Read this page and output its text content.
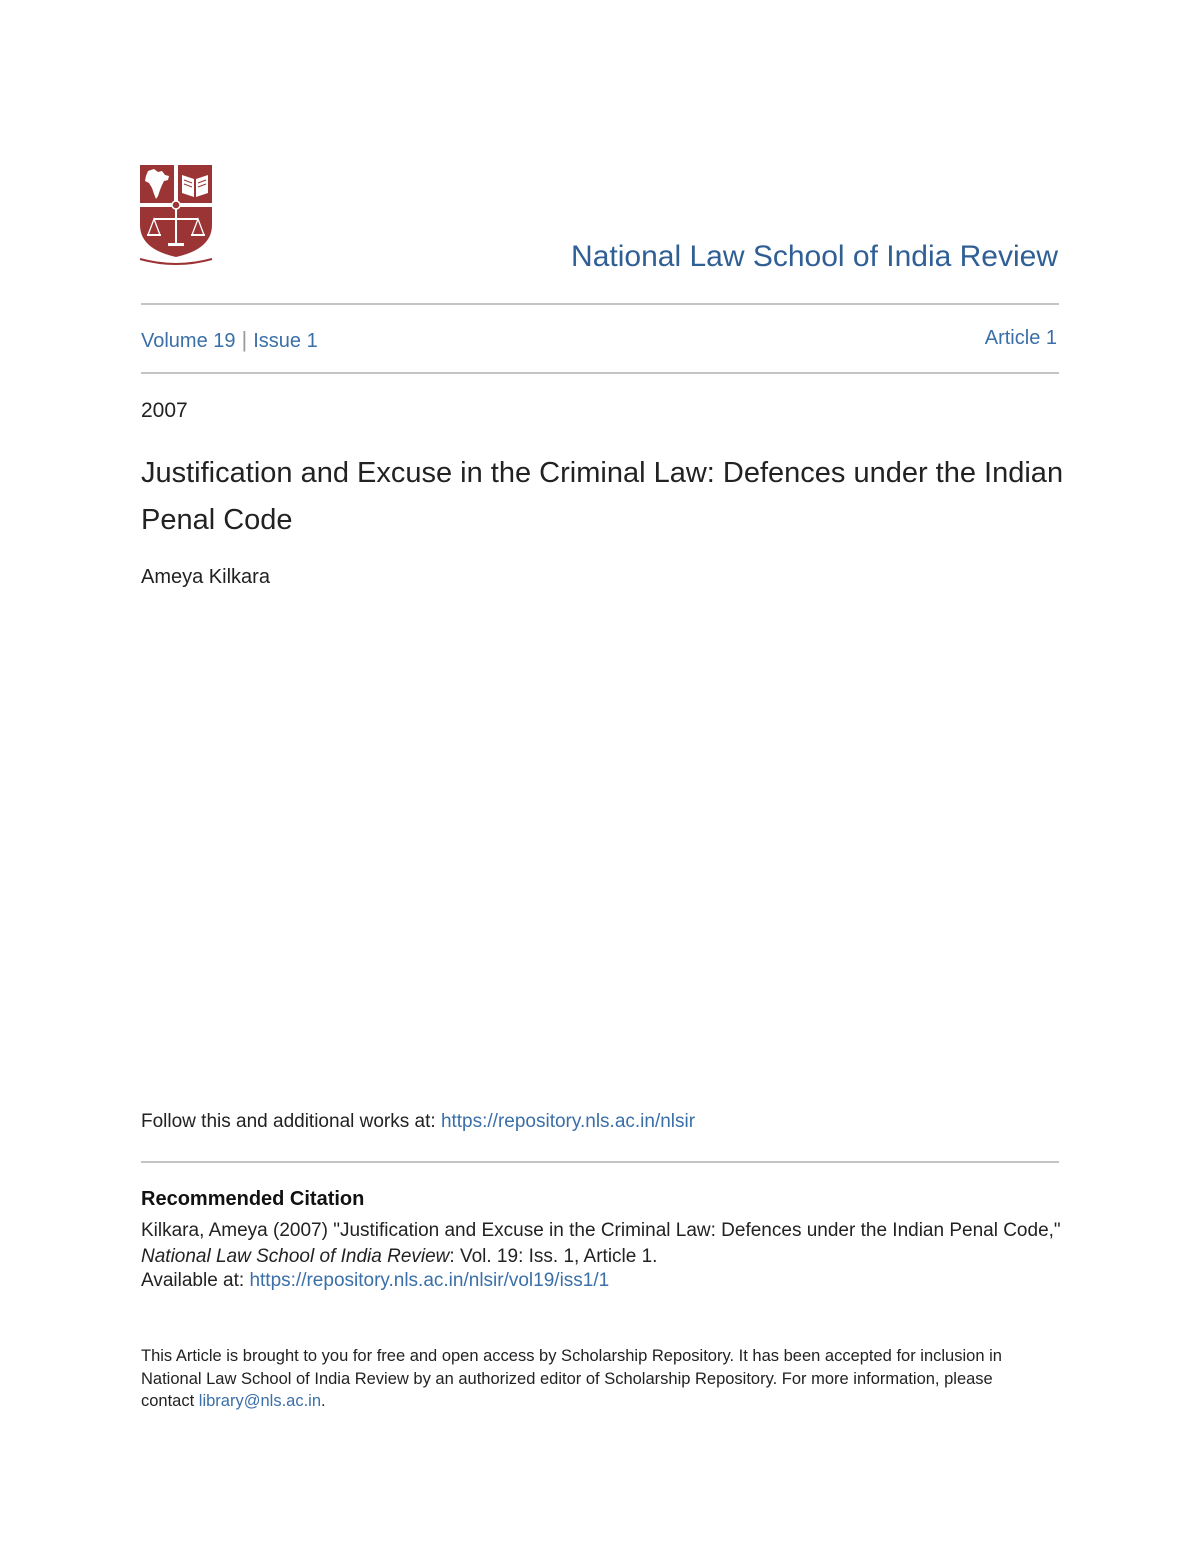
National Law School of India Review
Volume 19 | Issue 1	Article 1
2007
Justification and Excuse in the Criminal Law: Defences under the Indian Penal Code
Ameya Kilkara
Follow this and additional works at: https://repository.nls.ac.in/nlsir
Recommended Citation
Kilkara, Ameya (2007) "Justification and Excuse in the Criminal Law: Defences under the Indian Penal Code," National Law School of India Review: Vol. 19: Iss. 1, Article 1.
Available at: https://repository.nls.ac.in/nlsir/vol19/iss1/1
This Article is brought to you for free and open access by Scholarship Repository. It has been accepted for inclusion in National Law School of India Review by an authorized editor of Scholarship Repository. For more information, please contact library@nls.ac.in.
